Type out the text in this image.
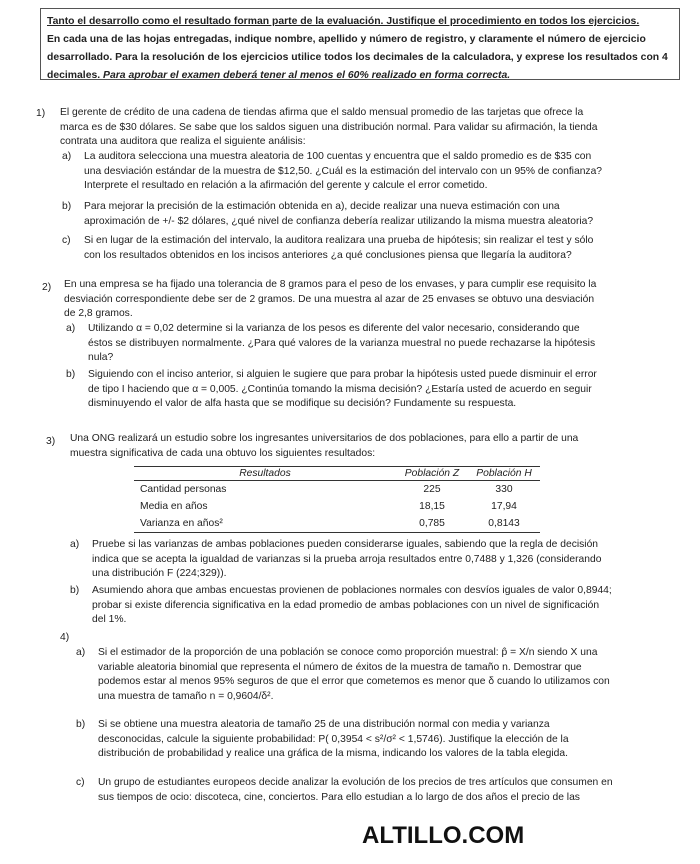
Tanto el desarrollo como el resultado forman parte de la evaluación. Justifique el procedimiento en todos los ejercicios.
En cada una de las hojas entregadas, indique nombre, apellido y número de registro, y claramente el número de ejercicio
desarrollado. Para la resolución de los ejercicios utilice todos los decimales de la calculadora, y exprese los resultados con 4
decimales. Para aprobar el examen deberá tener al menos el 60% realizado en forma correcta.
1) El gerente de crédito de una cadena de tiendas afirma que el saldo mensual promedio de las tarjetas que ofrece la
marca es de $30 dólares. Se sabe que los saldos siguen una distribución normal. Para validar su afirmación, la tienda
contrata una auditora que realiza el siguiente análisis:
a) La auditora selecciona una muestra aleatoria de 100 cuentas y encuentra que el saldo promedio es de $35 con
una desviación estándar de la muestra de $12,50. ¿Cuál es la estimación del intervalo con un 95% de confianza?
Interprete el resultado en relación a la afirmación del gerente y calcule el error cometido.
b) Para mejorar la precisión de la estimación obtenida en a), decide realizar una nueva estimación con una
aproximación de +/- $2 dólares, ¿qué nivel de confianza debería realizar utilizando la misma muestra aleatoria?
c) Si en lugar de la estimación del intervalo, la auditora realizara una prueba de hipótesis; sin realizar el test y sólo
con los resultados obtenidos en los incisos anteriores ¿a qué conclusiones piensa que llegaría la auditora?
2) En una empresa se ha fijado una tolerancia de 8 gramos para el peso de los envases, y para cumplir ese requisito la
desviación correspondiente debe ser de 2 gramos. De una muestra al azar de 25 envases se obtuvo una desviación
de 2,8 gramos.
a) Utilizando α = 0,02 determine si la varianza de los pesos es diferente del valor necesario, considerando que
éstos se distribuyen normalmente. ¿Para qué valores de la varianza muestral no puede rechazarse la hipótesis
nula?
b) Siguiendo con el inciso anterior, si alguien le sugiere que para probar la hipótesis usted puede disminuir el error
de tipo I haciendo que α = 0,005. ¿Continúa tomando la misma decisión? ¿Estaría usted de acuerdo en seguir
disminuyendo el valor de alfa hasta que se modifique su decisión? Fundamente su respuesta.
3) Una ONG realizará un estudio sobre los ingresantes universitarios de dos poblaciones, para ello a partir de una
muestra significativa de cada una obtuvo los siguientes resultados:
Resultados	Población Z	Población H
Cantidad personas	225	330
Media en años	18,15	17,94
Varianza en años²	0,785	0,8143
a) Pruebe si las varianzas de ambas poblaciones pueden considerarse iguales, sabiendo que la regla de decisión
indica que se acepta la igualdad de varianzas si la prueba arroja resultados entre 0,7488 y 1,326 (considerando
una distribución F (224;329)).
b) Asumiendo ahora que ambas encuestas provienen de poblaciones normales con desvíos iguales de valor 0,8944;
probar si existe diferencia significativa en la edad promedio de ambas poblaciones con un nivel de significación
del 1%.
4)
a) Si el estimador de la proporción de una población se conoce como proporción muestral: p̂ = X/n siendo X una
variable aleatoria binomial que representa el número de éxitos de la muestra de tamaño n. Demostrar que
podemos estar al menos 95% seguros de que el error que cometemos es menor que δ cuando lo utilizamos con
una muestra de tamaño n = 0,9604/δ².
b) Si se obtiene una muestra aleatoria de tamaño 25 de una distribución normal con media y varianza
desconocidas, calcule la siguiente probabilidad: P( 0,3954 < s²/σ² < 1,5746). Justifique la elección de la
distribución de probabilidad y realice una gráfica de la misma, indicando los valores de la tabla elegida.
c) Un grupo de estudiantes europeos decide analizar la evolución de los precios de tres artículos que consumen en
sus tiempos de ocio: discoteca, cine, conciertos. Para ello estudian a lo largo de dos años el precio de las
ALTILLO.COM
